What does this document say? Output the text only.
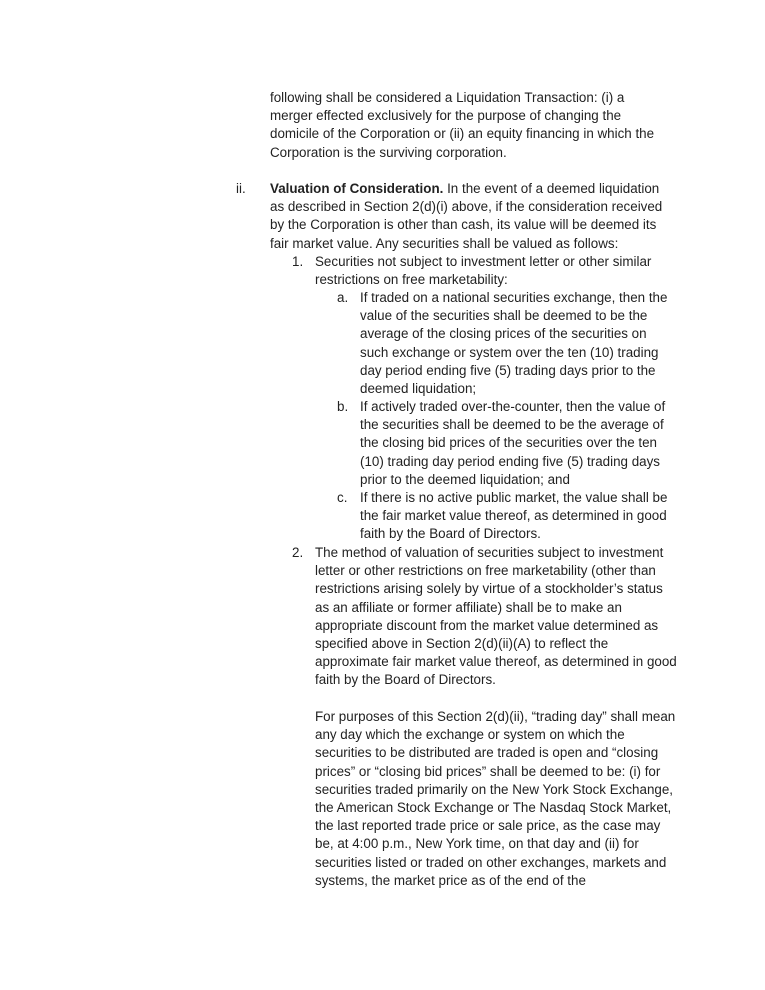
following shall be considered a Liquidation Transaction: (i) a merger effected exclusively for the purpose of changing the domicile of the Corporation or (ii) an equity financing in which the Corporation is the surviving corporation.

ii. Valuation of Consideration. In the event of a deemed liquidation as described in Section 2(d)(i) above, if the consideration received by the Corporation is other than cash, its value will be deemed its fair market value. Any securities shall be valued as follows:

1. Securities not subject to investment letter or other similar restrictions on free marketability:

a. If traded on a national securities exchange, then the value of the securities shall be deemed to be the average of the closing prices of the securities on such exchange or system over the ten (10) trading day period ending five (5) trading days prior to the deemed liquidation;

b. If actively traded over-the-counter, then the value of the securities shall be deemed to be the average of the closing bid prices of the securities over the ten (10) trading day period ending five (5) trading days prior to the deemed liquidation; and

c. If there is no active public market, the value shall be the fair market value thereof, as determined in good faith by the Board of Directors.

2. The method of valuation of securities subject to investment letter or other restrictions on free marketability (other than restrictions arising solely by virtue of a stockholder’s status as an affiliate or former affiliate) shall be to make an appropriate discount from the market value determined as specified above in Section 2(d)(ii)(A) to reflect the approximate fair market value thereof, as determined in good faith by the Board of Directors.

For purposes of this Section 2(d)(ii), “trading day” shall mean any day which the exchange or system on which the securities to be distributed are traded is open and “closing prices” or “closing bid prices” shall be deemed to be: (i) for securities traded primarily on the New York Stock Exchange, the American Stock Exchange or The Nasdaq Stock Market, the last reported trade price or sale price, as the case may be, at 4:00 p.m., New York time, on that day and (ii) for securities listed or traded on other exchanges, markets and systems, the market price as of the end of the
